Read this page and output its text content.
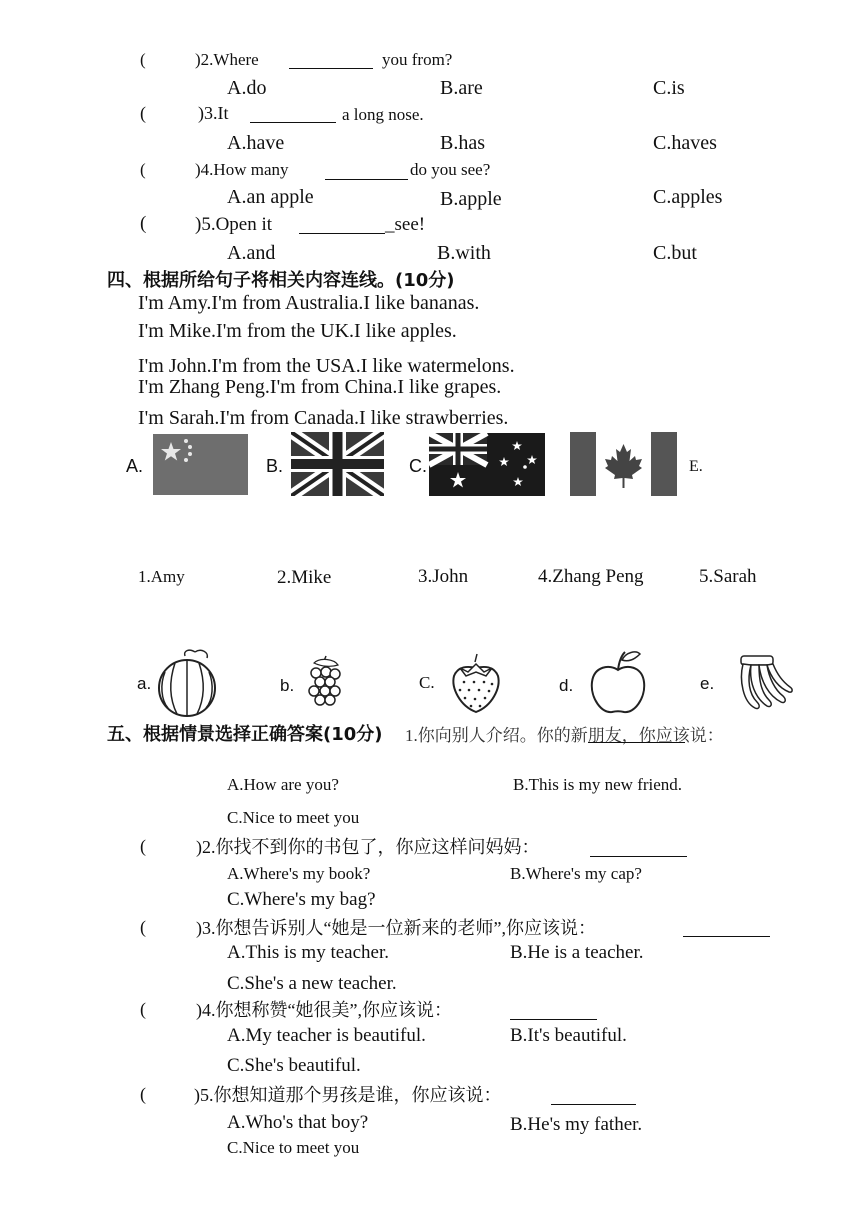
(	)2.Where	you from?
A.do	B.are	C.is
(	)3.It	a long nose.
A.have	B.has	C.haves
(	)4.How many	do you see?
A.an apple	B.apple	C.apples
(	)5.Open it	_see!
A.and	B.with	C.but
四、根据所给句子将相关内容连线。(10分)
I'm Amy.I'm from Australia.I like bananas.
I'm Mike.I'm from the UK.I like apples.
I'm John.I'm from the USA.I like watermelons.
I'm Zhang Peng.I'm from China.I like grapes.
I'm Sarah.I'm from Canada.I like strawberries.
A.	B.	C.	E.
1.Amy	2.Mike	3.John	4.Zhang Peng	5.Sarah
a.	b.	C.	d.	e.
五、根据情景选择正确答案(10分) 1.你向别人介绍。你的新朋友，你应该说：
A.How are you?	B.This is my new friend.
C.Nice to meet you
(	)2.你找不到你的书包了，你应这样问妈妈：
A.Where's my book?	B.Where's my cap?
C.Where's my bag?
(	)3.你想告诉别人“她是一位新来的老师”,你应该说：
A.This is my teacher.	B.He is a teacher.
C.She's a new teacher.
(	)4.你想称赞“她很美”,你应该说：
A.My teacher is beautiful.	B.It's beautiful.
C.She's beautiful.
(	)5.你想知道那个男孩是谁，你应该说：
A.Who's that boy?	B.He's my father.
C.Nice to meet you
